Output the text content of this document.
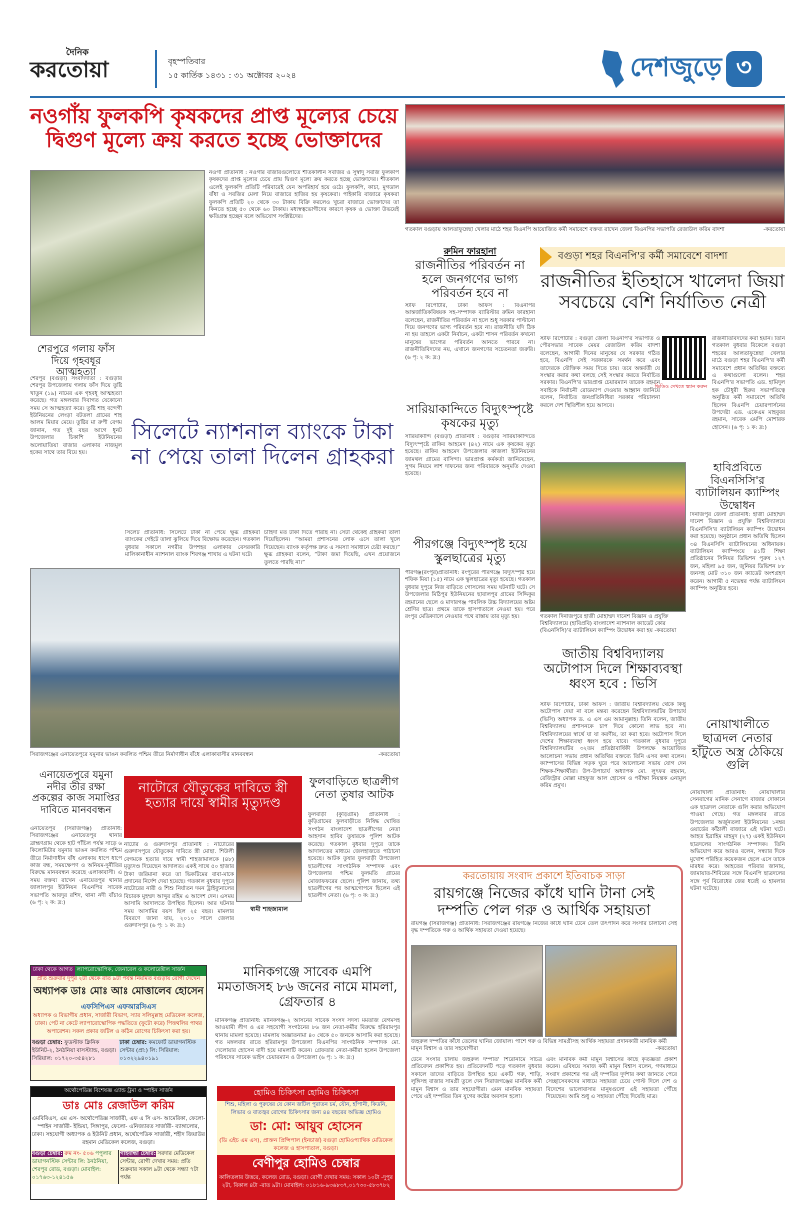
দৈনিক
করতোয়া	বৃহস্পতিবার
১৫ কার্তিক ১৪৩১ : ৩১ অক্টোবর ২০২৪	দেশজুড়ে ৩
নওগাঁয় ফুলকপি কৃষকদের প্রাপ্ত মূল্যের চেয়ে দ্বিগুণ মূল্যে ক্রয় করতে হচ্ছে ভোক্তাদের
নওগাঁ প্রতিনিধি : নওগাঁর বাজারগুলোতে শীতকালীন সবজির ও সুস্বাদু সবজি ফুলকপি কৃষকদের প্রাপ্ত মূল্যের চেয়ে প্রায় দ্বিগুণ মূল্যে ক্রয় করতে হচ্ছে ভোক্তাদের। শীতকাল এলেই ফুলকপি প্রতিটি পরিবারেই যেন অপরিহার্য হয়ে ওঠে। ফুলকপি, কাচা, মুগডাল বাঁধা ও সবজির মেলা নিয়ে বাজারে হাজির হয় কৃষকেরা। পাইকারি বাজারে কৃষকরা ফুলকপি প্রতিটি ২০ থেকে ৩০ টাকায় বিক্রি করলেও খুচরা বাজারে ভোক্তাদের তা কিনতে হচ্ছে ৫০ থেকে ৬০ টাকায়। মধ্যস্বত্বভোগীদের কারণে কৃষক ও ভোক্তা উভয়েই ক্ষতিগ্রস্ত হচ্ছেন বলে অভিযোগ সংশ্লিষ্টদের।
গতকাল বগুড়ায় আলতাফুন্নেছা খেলার মাঠে শহর বিএনপি আয়োজিত কর্মী সমাবেশে বক্তব্য রাখেন জেলা বিএনপির সভাপতি রেজাউল করিম বাদশা	-করতোয়া
রুমিন ফারহানা
রাজনীতির পরিবর্তন না হলে জনগণের ভাগ্য পরিবর্তন হবে না
স্টাফ রিপোর্টার, ঢাকা অফিস : বিএনপির আন্তর্জাতিকবিষয়ক সহ-সম্পাদক ব্যারিস্টার রুমিন ফারহানা বলেছেন, রাজনীতির পরিবর্তন না হলে শুধু সরকার পাল্টানো দিয়ে জনগণের ভাগ্য পরিবর্তন হবে না। রাজনীতি যদি ঠিক না হয় তাহলে একটা নির্বাচন, একটা শাসন পরিবর্তন কখনো মানুষের ভাগ্যের পরিবর্তন আনতে পারবে না। রাজনীতিবিদদের নয়, এখানে জনগণের সচেতনতা জরুরি। (৬ পৃ: ২ ক: দ্র:)
সারিয়াকান্দিতে বিদ্যুৎস্পৃষ্টে কৃষকের মৃত্যু
সারিয়াকান্দি (বগুড়া) প্রতিনিধি : বগুড়ার সারিয়াকান্দিতে বিদ্যুৎস্পৃষ্টে রাকিব আহমেদ (৪২) নামে এক কৃষকের মৃত্যু হয়েছে। রাকিব আহমেদ উপজেলার কাজলা ইউনিয়নের জামথল গ্রামের বাসিন্দা। ভারপ্রাপ্ত কর্মকর্তা জানিয়েছেন, সুগম নিয়মে লাশ দাফনের জন্য পরিবারকে অনুমতি দেওয়া হয়েছে।
পীরগঞ্জে বিদ্যুৎস্পৃষ্ট হয়ে স্কুলছাত্রের মৃত্যু
পীরগঞ্জ(রংপুর)প্রতিনিধি: রংপুরের পীরগঞ্জে বিদ্যুৎস্পৃষ্ট হয়ে শফিক মিয়া (১৫) নামে এক স্কুলছাত্রের মৃত্যু হয়েছে। গতকাল বুধবার দুপুরে নিজ বাড়িতে গোসলের সময় ঘটনাটি ঘটে। সে উপজেলার মিঠিপুর ইউনিয়নের ছাবালপুর গ্রামের সিদ্দিকুর রহমানের ছেলে ও মাদারগঞ্জ পাবলিক উচ্চ বিদ্যালয়ের অষ্টম শ্রেণির ছাত্র। প্রথমে তাকে হাসপাতালে নেওয়া হয়। পরে রংপুর মেডিক্যালে নেওয়ার পথে রাস্তায় তার মৃত্যু হয়।
বগুড়া শহর বিএনপি'র কর্মী সমাবেশে বাদশা
রাজনীতির ইতিহাসে খালেদা জিয়া সবচেয়ে বেশি নির্যাতিত নেত্রী
স্টাফ রিপোর্টার : বগুড়া জেলা বিএনপি'র সভাপতি ও পৌরসভার সাবেক মেয়র রেজাউল করিম বাদশা বলেছেন, আগামী দিনের মানুষের যে সরকার গঠিত হবে, বিএনপি সেই সরকারকে সমর্থন করে এবং তাদেরকে যৌক্তিক সময় দিতে চায়। তবে অন্তর্বর্তী যে সংস্কার করার কথা বলছে সেই সংস্কার করতে নির্বাচিত সরকার। বিএনপি'র ভারপ্রাপ্ত চেয়ারম্যান তারেক রহমান সবাইকে নির্বাচনী রোডম্যাপ দেওয়ার আহ্বান জানিয়ে বলেন, নির্বাচিত জনপ্রতিনিধিরা সরকার পরিচালনা করলে দেশ স্থিতিশীল হয়ে আসবে।
ভিডিও দেখতে স্ক্যান করুন
রাজনীতিবিদদের করা হয়নি। তিনি গতকাল বুধবার বিকেলে বগুড়া শহরের আলতাফুন্নেছা খেলার মাঠে বগুড়া শহর বিএনপি'র কর্মী সমাবেশে প্রধান অতিথির বক্তব্যে এ কথাগুলো বলেন। শহর বিএনপি'র সভাপতি এড. হামিদুল হক চৌধুরী হিরুর সভাপতিত্বে অনুষ্ঠিত কর্মী সমাবেশে অতিথি ছিলেন বিএনপি চেয়ারপার্সনের উপদেষ্টা এড. একেএম মাহবুবর রহমান, সাবেক এমপি মোশারফ হোসেন। (৬ পৃ: ১ ক: দ্র:)
গতকাল দিনাজপুরে হাজী মোহাম্মদ দানেশ বিজ্ঞান ও প্রযুক্তি বিশ্ববিদ্যালয়ে (হাবিপ্রবি) বাংলাদেশ ন্যাশনাল ক্যাডেট কোর (বিএনসিসি)'র ব্যাটালিয়ন ক্যাম্পিং উদ্বোধন করা হয় -করতোয়া
হাবিপ্রবিতে বিএনসিসি'র ব্যাটালিয়ন ক্যাম্পিং উদ্বোধন
দিনাজপুর জেলা প্রতিনিধি: হাজী মোহাম্মদ দানেশ বিজ্ঞান ও প্রযুক্তি বিশ্ববিদ্যালয়ে বিএনসিসি'র ব্যাটালিয়ন ক্যাম্পিং উদ্বোধন করা হয়েছে। অনুষ্ঠানে প্রধান অতিথি ছিলেন ৩৪ বিএনসিসি ব্যাটালিয়নের অধিনায়ক। ব্যাটালিয়ন ক্যাম্পিংয়ে ৪১টি শিক্ষা প্রতিষ্ঠানের সিনিয়র ডিভিশন পুরুষ ১২৭ জন, মহিলা ৯৫ জন, জুনিয়র ডিভিশন ৮৮ জনসহ মোট ৩১০ জন ক্যাডেট অংশগ্রহণ করেন। আগামী ৫ নভেম্বর পর্যন্ত ব্যাটালিয়ন ক্যাম্পিং অনুষ্ঠিত হবে।
জাতীয় বিশ্ববিদ্যালয় অটোপাস দিলে শিক্ষাব্যবস্থা ধ্বংস হবে : ভিসি
স্টাফ রিপোর্টার, ঢাকা অফিস : জাতীয় বিশ্ববিদ্যালয় থেকে কিছু অটোপাস দেয়া না বলে মন্তব্য করেছেন বিশ্ববিদ্যালয়টির উপাচার্য (ভিসি) অধ্যাপক ড. এ এস এম আমানুল্লাহ। তিনি বলেন, জাতীয় বিশ্ববিদ্যালয় প্রশাসনকে চাপ দিয়ে কোনো লাভ হবে না। বিশ্ববিদ্যালয়ের স্বার্থে যা যা করণীয়, তা করা হবে। অটোপাস দিলে দেশের শিক্ষাব্যবস্থা ধ্বংস হয়ে যাবে। গতকাল বুধবার দুপুরে বিশ্ববিদ্যালয়টির ৩২তম প্রতিষ্ঠাবার্ষিকী উপলক্ষে আয়োজিত আলোচনা সভায় প্রধান অতিথির বক্তব্যে তিনি এসব কথা বলেন। ক্যাম্পাসের বিভিন্ন সড়ক ঘুরে পরে আলোচনা সভায় যোগ দেন শিক্ষক-শিক্ষার্থীরা। উপ-উপাচার্য অধ্যাপক মো. লুৎফর রহমান, রেজিস্ট্রার মোল্লা মাহফুজ আল হোসেন ও পরীক্ষা নিয়ন্ত্রক এনামুল করিম প্রমুখ।
নোয়াখালীতে ছাত্রদল নেতার হাঁটুতে অস্ত্র ঠেকিয়ে গুলি
নোয়াখালী প্রতিনিধি: নোয়াখালীর সেনবাগের মানিক সেনাগে বাজার দোকানে এক ছাত্রদল নেতাকে গুলি করার অভিযোগ পাওয়া গেছে। গত মঙ্গলবার রাতে উপজেলার অর্জুনতলা ইউনিয়নের ১নম্বর ওয়ার্ডের কাঁঠালী বাজারে এই ঘটনা ঘটে। আহত ইব্রাহিম মাহমুদ (২৭) একই ইউনিয়ন ছাত্রদলের সাংগঠনিক সম্পাদক। তিনি অভিযোগ করে আরও বলেন, সন্ধ্যার দিকে মুখোশ পরিহিত কয়েকজন ছেলে এসে তাকে মারধর করে। আহতের পরিবার জানায়, জামায়াত-শিবিরের সঙ্গে বিএনপি ছাত্রদলের সঙ্গে পূর্ব বিরোধের জের ধরেই এ হামলার ঘটনা ঘটেছে।
শেরপুরে গলায় ফাঁস দিয়ে গৃহবধূর আত্মহত্যা
শেরপুর (বগুড়া) সংবাদদাতা : বগুড়ার শেরপুর উপজেলায় গলায় ফাঁস দিয়ে তুষ্টি খাতুন (১৯) নামের এক গৃহবধূ আত্মহত্যা করেছে। গত মঙ্গলবার দিবাগত যেকোনো সময় সে আত্মহত্যা করে। তুষ্টি শাহ বন্দেগী ইউনিয়নের লেংড়া বটতলা গ্রামের শাহ আলম মিয়ার মেয়ে। তুষ্টির মা রুপী বেগম জানান, গত দুই বছর আগে ধুনট উপজেলার চিকাশি ইউনিয়নের অলোয়াতিয়া বাজার এলাকার নাজমুল হকের সাথে তার বিয়ে হয়।
সিলেটে ন্যাশনাল ব্যাংকে টাকা না পেয়ে তালা দিলেন গ্রাহকরা
সিলেট প্রতিনিধি: সিলেটে টাকা না পেয়ে ক্ষুব্ধ গ্রাহকরা ব্যাংকের গেইটে তালা ঝুলিয়ে দিয়ে বিক্ষোভ করেছেন। গতকাল বুধবার সকালে নগরীর উপশহর এলাকার বেসরকারি মালিকানাধীন ন্যাশনাল ব্যাংক শিবগঞ্জ শাখায় এ ঘটনা ঘটে।
চাহিদা মত টাকা দিতে পারছি না। সেটা থেকেই গ্রাহকরা তালা দিয়েছিলেন। “আমরা প্রশাসনের লোক এসে তালা খুলে দিয়েছেন। ব্যাংক কর্তৃপক্ষ দ্রুত এ সমস্যা সমাধানে চেষ্টা করছে।” ক্ষুব্ধ গ্রাহকরা বলেন, “টাকা জমা দিয়েছি, এখন প্রয়োজনে তুলতে পারছি না।”
সিরাজগঞ্জের এনায়েতপুরে যমুনার ভাঙন কবলিত পশ্চিম তীরে নির্মাণাধীন বাঁধে এলাকাবাসীর মানববন্ধন	-করতোয়া
এনায়েতপুরে যমুনা নদীর তীর রক্ষা প্রকল্পের কাজ সমাপ্তির দাবিতে মানববন্ধন
এনায়েতপুর (সিরাজগঞ্জ) প্রতিনিধি: সিরাজগঞ্জের এনায়েতপুর থানার ব্রাহ্মণগ্রাম থেকে হাট পাঁচিল পর্যন্ত সাড়ে ৬ কিলোমিটার যমুনার ভাঙন কবলিত পশ্চিম তীরে নির্মাণাধীন বাঁধ এলাকায় ধাপে ধাপে কাজ বন্ধ, সময়ক্ষেপণ ও অনিয়ম-দুর্নীতির বিরুদ্ধে মানববন্ধন করেছে এলাকাবাসী। এ সময় বক্তব্য রাখেন এনায়েতপুর থানার জালালপুর ইউনিয়ন বিএনপির সাবেক সভাপতি আবদুর রশিদ, থানা নদী বাঁচাও (৬ পৃ: ২ ক: দ্র:)
নাটোরে যৌতুকের দাবিতে স্ত্রী হত্যার দায়ে স্বামীর মৃত্যুদণ্ড
নাটোর ও গুরুদাসপুর প্রতিনিধি : নাটোরের গুরুদাসপুরে যৌতুকের দাবিতে স্ত্রী মোছা. শিউলী বেগমকে হত্যার দায়ে স্বামী শাহজামালকে (৪৮) মৃত্যুদণ্ড দিয়েছেন আদালত। একই সাথে ৫০ হাজার টাকা জরিমানা করে তা ভিকটিমের বাবা-মাকে প্রদানের নির্দেশ দেয়া হয়েছে। গতকাল বুধবার দুপুরে নাটোরের নারী ও শিশু নির্যাতন দমন ট্রাইব্যুনালের বিচারক মুহম্মদ আব্দুর রহিম এ আদেশ দেন। এসময় আসামি আদালতে উপস্থিত ছিলেন। আর ঘটনার সময় আসামির বয়স ছিল ২৫ বছর। মামলার বিবরণে জানা যায়, ২০১০ সালে জেলার গুরুদাসপুর (৬ পৃ: ১ ক: দ্র:)
স্বামী শাহজামাল
ফুলবাড়িতে ছাত্রলীগ নেতা তুষার আটক
ফুলবাড়ী (কুড়িগ্রাম) প্রতিনিধি : কুড়িগ্রামের ফুলবাড়ীতে নিষিদ্ধ ঘোষিত সংগঠন বাংলাদেশ ছাত্রলীগের নেতা আহসান হাবিব তুষারকে পুলিশ আটক করেছে। গতকাল বুধবার দুপুরে তাকে আদালতের মাধ্যমে জেলহাজতে পাঠানো হয়েছে। আটক তুষার ফুলবাড়ী উপজেলা ছাত্রলীগের সাংগঠনিক সম্পাদক এবং উপজেলার পশ্চিম ফুলমতি গ্রামের মোজাফফরের ছেলে। পুলিশ জানায়, তথ্য ছাত্রলীগের পর আত্মগোপনে ছিলেন এই ছাত্রলীগ নেতা। (৬ পৃ: ৩ ক: দ্র:)
ঢাকা থেকে আগত ল্যাপরোস্কোপিক, জেনারেল ও কলোরেক্টাল সার্জন
প্রতি শুক্রবার দুপুর ২টা থেকে রাত ৯টা পর্যন্ত নিয়মিত বগুড়ায় রোগী দেখেন
অধ্যাপক ডাঃ মোঃ আঃ মোত্তালেব হোসেন
এফসিপিএস এফআরসিএস
অধ্যাপক ও বিভাগীয় প্রধান, সার্জারী বিভাগ, স্যার সলিমুল্লাহ মেডিকেল কলেজ, ঢাকা। পেট না কেটে ল্যাপারোস্কোপিক পদ্ধতিতে (ফুটো করে) পিত্তথলির পাথর অপারেশন। সকল প্রকার জটিল ও কঠিন রোগের চিকিৎসা করা হয়।
বগুড়া চেম্বার: ফুডস্টাফ ক্লিনিক ইউনিট-২, ঠনঠনিয়া বাসস্ট্যান্ড, বগুড়া। সিরিয়াল: ০১৭২০-৩৫৪২৮১
ঢাকা চেম্বার: কমফোর্ট ডায়াগনস্টিক সেন্টার (প্রা:) লি: সিরিয়াল: ০১৩২২৯৪০১৯১
মানিকগঞ্জে সাবেক এমপি মমতাজসহ ৮৬ জনের নামে মামলা, গ্রেফতার ৪
মানিকগঞ্জ প্রতিনিধি: মানিকগঞ্জ-২ আসনের সাবেক সংসদ সদস্য মমতাজ বেগমসহ আওয়ামী লীগ ও এর সহযোগী সংগঠনের ৮৬ জন নেতা-কর্মীর বিরুদ্ধে হরিরামপুর থানায় মামলা হয়েছে। মামলায় অজ্ঞাতনামা ৪০ থেকে ৫০ জনকে আসামি করা হয়েছে। গত মঙ্গলবার রাতে হরিরামপুর উপজেলা বিএনপির সাংগঠনিক সম্পাদক মো. দেলোয়ার হোসেন বাদী হয়ে মামলাটি করেন। গ্রেফতার নেতা-কর্মীরা হলেন উপজেলা পরিষদের সাবেক ভাইস চেয়ারম্যান ও উপজেলা (৬ পৃ: ১ ক: দ্র:)
অর্থোপেডিক্স বিশেষজ্ঞ এ্যান্ড ট্রমা ও স্পাইন সার্জন
ডাঃ মোঃ রেজাউল করিম
এমবিবিএস, এম এস- অর্থোপেডিক্স সার্জারী, এফ এ সি এস- আমেরিকা, ফেলো- স্পাইন সার্জারী- ইন্ডিয়া, সিঙ্গাপুর, ফেলো- এনিজ্যারত সার্জারী- ব্যাঙ্গালোর, ঢাকা। সহযোগী অধ্যাপক ও ইউনিট প্রধান, অর্থোপেডিক সার্জারী, শহীদ জিয়াউর রহমান মেডিকেল কলেজ, বগুড়া।
বগুড়া চেম্বার: রুম নং- ৫০৬ পপুলার ডায়াগনস্টিক সেন্টার লি: ঠনঠনিয়া, শেরপুর রোড, বগুড়া। মোবাইল: ০১৭৬৩-১২৪১৫৬
গাইবান্ধা চেম্বার: সরদার মেডিকেল সেন্টার, রোগী দেখার সময়: প্রতি শুক্রবার সকাল ৯টা থেকে সন্ধ্যা ৭টা পর্যন্ত
হোমিও চিকিৎসা হোমিও চিকিৎসা
শিশু, মহিলা ও পুরুষের যে কোন জটিল পুরাতন চর্ম, যৌন, হাঁপানী, কিডনি, লিভার ও বাতজ্বর রোগের চিকিৎসার জন্য ৪৪ বছরের অভিজ্ঞ হোমিও
ডা: মো: আয়ুব হোসেন
(ডি এইচ এম এস), প্রাক্তন প্রিন্সিপাল (ইনচার্জ) বগুড়া হোমিওপ্যাথিক মেডিকেল কলেজ ও হাসপাতাল, বগুড়া।
বেণীপুর হোমিও চেম্বার
কালিতলার উত্তরে, কলেজ রোড, বগুড়া। রোগী দেখার সময়: সকাল ১০টা -দুপুর ২টা, বিকাল ৪টা -রাত ৯টা। মোবাইল: ০১৮১৬-৯৩৬৮৩৭,০১৭৩০-৫৮৩৭৮২
করতোয়ায় সংবাদ প্রকাশে ইতিবাচক সাড়া
রায়গঞ্জে নিজের কাঁধে ঘানি টানা সেই দম্পতি পেল গরু ও আর্থিক সহায়তা
রায়গঞ্জ (সিরাজগঞ্জ) প্রতিনিধি: সিরাজগঞ্জের রায়গঞ্জে নিজের কাঁধে ঘানি টেনে তেল উৎপাদন করে সংসার চালানো সেই বৃদ্ধ দম্পতিকে গরু ও আর্থিক সহায়তা দেওয়া হয়েছে।
জহুরুল দম্পতির কাঁধে তেলের ঘানির জোয়াল। পাশে গরু ও বিভিন্ন সামগ্রীসহ আর্থিক সহায়তা প্রদানকারী মানবিক কর্মী মামুন বিশ্বাস ও তার সহযোগীরা	-করতোয়া
টেনে সংসার চালায় জহুরুল দম্পতি' শিরোনামে সচিত্র প্রতিবেদন প্রকাশিত হয়। প্রতিবেদনটি পড়ে গতকাল বুধবার সকালে তাদের বাড়িতে উপস্থিত হয়ে একটি গরু, শাড়ি, লুঙ্গিসহ বাজার সামগ্রী তুলে দেন সিরাজগঞ্জের মানবিক কর্মী মামুন বিশ্বাস ও তার সহযোগীরা। এমন মানবিক সহায়তা পেয়ে এই দম্পতির তিন যুগের কষ্টের অবসান হলো।
এবং মানবিক কর্মী মামুন বিশ্বাসের কাছে কৃতজ্ঞতা প্রকাশ করেন। এবিষয়ে সমাজ কর্মী মামুন বিশ্বাস বলেন, গণমাধ্যমে সংবাদ প্রকাশের পর এই দম্পতির দুর্দশার কথা জানতে পেরে সেচ্ছাসেবকদের মাধ্যমে সহায়তা চেয়ে পোস্ট দিলে দেশ ও বিদেশের ভালোবাসার মানুষগুলো এই সহায়তা পৌঁছে দিয়েছেন। আমি শুধু এ সহায়তা পৌঁছে দিয়েছি মাত্র।
